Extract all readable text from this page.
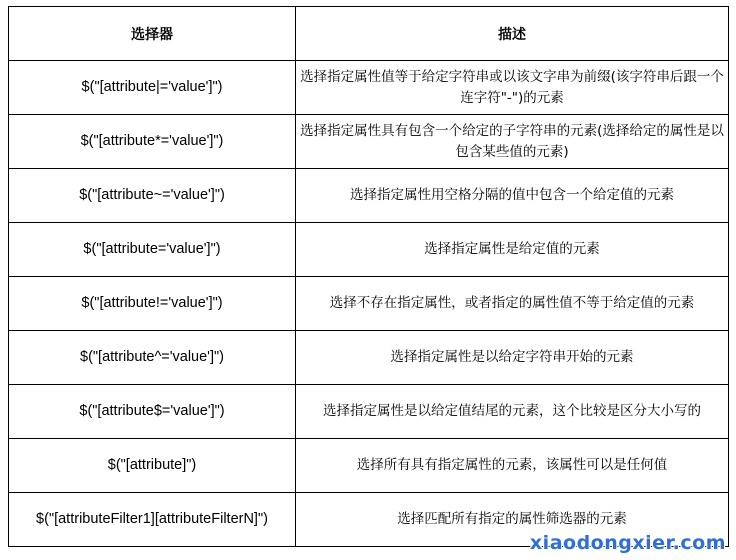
选择器	描述
$("[attribute|='value']")	选择指定属性值等于给定字符串或以该文字串为前缀(该字符串后跟一个连字符"-")的元素
$("[attribute*='value']")	选择指定属性具有包含一个给定的子字符串的元素(选择给定的属性是以包含某些值的元素)
$("[attribute~='value']")	选择指定属性用空格分隔的值中包含一个给定值的元素
$("[attribute='value']")	选择指定属性是给定值的元素
$("[attribute!='value']")	选择不存在指定属性，或者指定的属性值不等于给定值的元素
$("[attribute^='value']")	选择指定属性是以给定字符串开始的元素
$("[attribute$='value']")	选择指定属性是以给定值结尾的元素，这个比较是区分大小写的
$("[attribute]")	选择所有具有指定属性的元素，该属性可以是任何值
$("[attributeFilter1][attributeFilterN]")	选择匹配所有指定的属性筛选器的元素
xiaodongxier.com
